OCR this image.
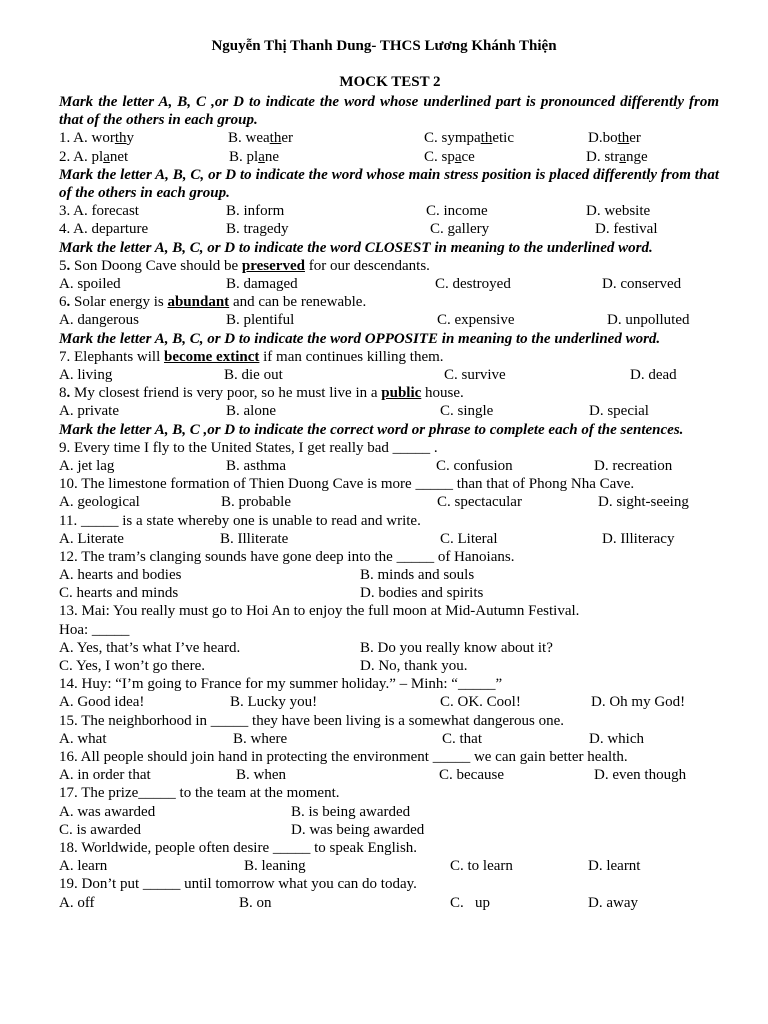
Nguyễn Thị Thanh Dung- THCS Lương Khánh Thiện
MOCK TEST 2
Mark the letter A, B, C ,or D to indicate the word whose underlined part is pronounced differently from that of the others in each group.
1. A. worthy	B. weather	C. sympathetic	D.bother
2. A. planet	B. plane	C. space	D. strange
Mark the letter A, B, C, or D to indicate the word whose main stress position is placed differently from that of the others in each group.
3. A. forecast	B. inform	C. income	D. website
4. A. departure	B. tragedy	C. gallery	D. festival
Mark the letter A, B, C, or D to indicate the word CLOSEST in meaning to the underlined word.
5. Son Doong Cave should be preserved for our descendants.
A. spoiled	B. damaged	C. destroyed	D. conserved
6. Solar energy is abundant and can be renewable.
A. dangerous	B. plentiful	C. expensive	D. unpolluted
Mark the letter A, B, C, or D to indicate the word OPPOSITE in meaning to the underlined word.
7. Elephants will become extinct if man continues killing them.
A. living	B. die out	C. survive	D. dead
8. My closest friend is very poor, so he must live in a public house.
A. private	B. alone	C. single	D. special
Mark the letter A, B, C ,or D to indicate the correct word or phrase to complete each of the sentences.
9. Every time I fly to the United States, I get really bad _____ .
A. jet lag	B. asthma	C. confusion	D. recreation
10. The limestone formation of Thien Duong Cave is more _____ than that of Phong Nha Cave.
A. geological	B. probable	C. spectacular	D. sight-seeing
11. _____ is a state whereby one is unable to read and write.
A. Literate	B. Illiterate	C. Literal	D. Illiteracy
12. The tram’s clanging sounds have gone deep into the _____ of Hanoians.
A. hearts and bodies	B. minds and souls
C. hearts and minds	D. bodies and spirits
13. Mai: You really must go to Hoi An to enjoy the full moon at Mid-Autumn Festival.
Hoa: _____
A. Yes, that’s what I’ve heard.	B. Do you really know about it?
C. Yes, I won’t go there.	D. No, thank you.
14. Huy: “I’m going to France for my summer holiday.” – Minh: “_____”
A. Good idea!	B. Lucky you!	C. OK. Cool!	D. Oh my God!
15. The neighborhood in _____ they have been living is a somewhat dangerous one.
A. what	B. where	C. that	D. which
16. All people should join hand in protecting the environment _____ we can gain better health.
A. in order that	B. when	C. because	D. even though
17. The prize_____ to the team at the moment.
A. was awarded	B. is being awarded
C. is awarded	D. was being awarded
18. Worldwide, people often desire _____ to speak English.
A. learn	B. leaning	C. to learn	D. learnt
19. Don’t put _____ until tomorrow what you can do today.
A. off	B. on	C.   up	D. away
